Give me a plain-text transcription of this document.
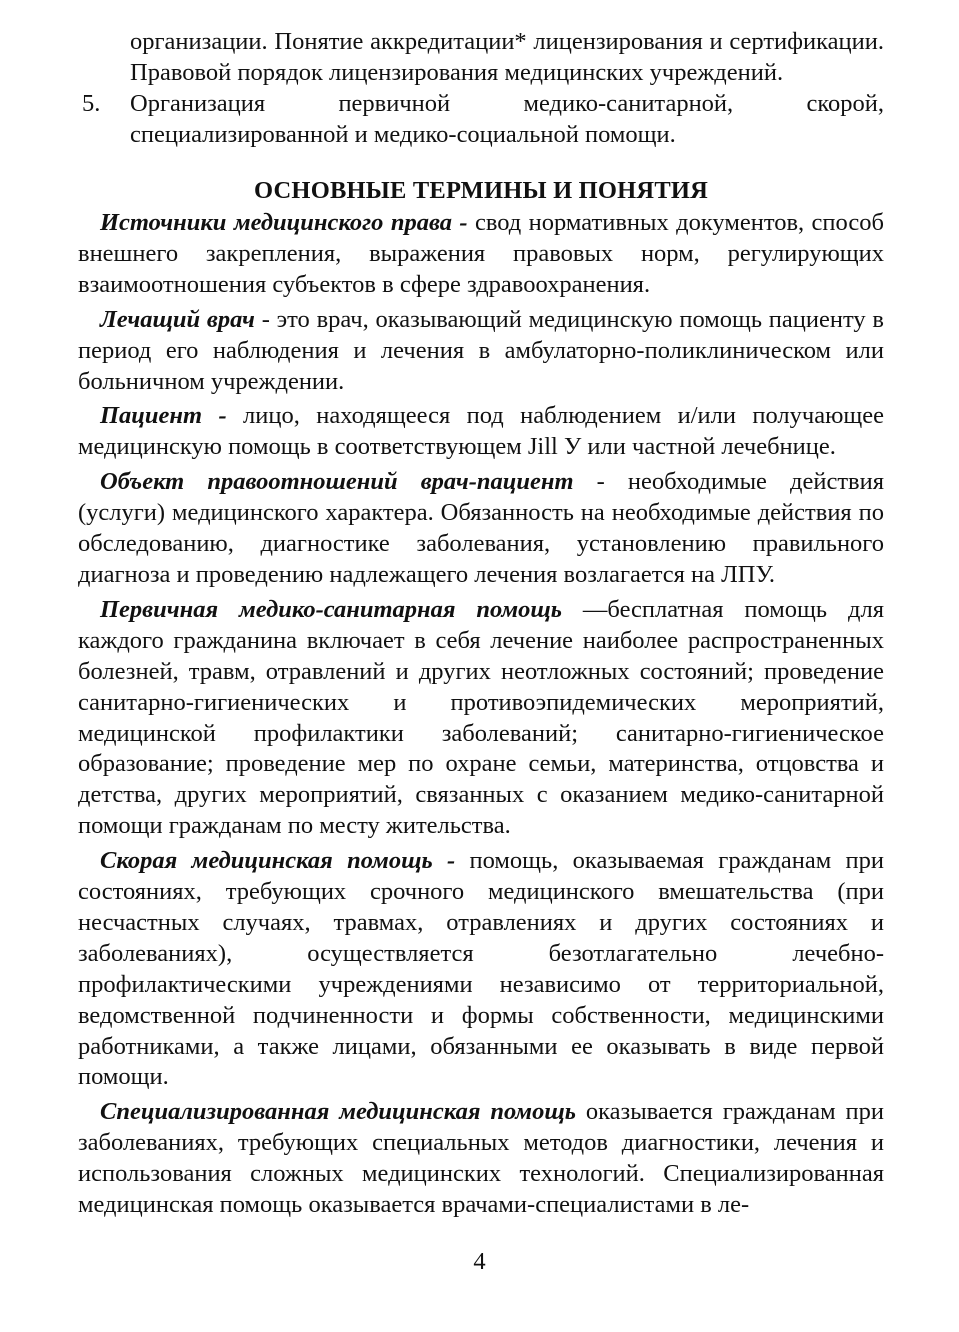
организации. Понятие аккредитации* лицензирования и сертификации. Правовой порядок лицензирования медицинских учреждений.
5.	Организация первичной медико-санитарной, скорой, специализированной и медико-социальной помощи.
ОСНОВНЫЕ ТЕРМИНЫ И ПОНЯТИЯ

Источники медицинского права - свод нормативных документов, способ внешнего закрепления, выражения правовых норм, регулирующих взаимоотношения субъектов в сфере здравоохранения.

Лечащий врач - это врач, оказывающий медицинскую помощь пациенту в период его наблюдения и лечения в амбулаторно-поликлиническом или больничном учреждении.

Пациент - лицо, находящееся под наблюдением и/или получающее медицинскую помощь в соответствующем Jill У или частной лечебнице.

Объект правоотношений врач-пациент - необходимые действия (услуги) медицинского характера. Обязанность на необходимые действия по обследованию, диагностике заболевания, установлению правильного диагноза и проведению надлежащего лечения возлагается на ЛПУ.

Первичная медико-санитарная помощь —бесплатная помощь для каждого гражданина включает в себя лечение наиболее распространенных болезней, травм, отравлений и других неотложных состояний; проведение санитарно-гигиенических и противоэпидемических мероприятий, медицинской профилактики заболеваний; санитарно-гигиеническое образование; проведение мер по охране семьи, материнства, отцовства и детства, других мероприятий, связанных с оказанием медико-санитарной помощи гражданам по месту жительства.

Скорая медицинская помощь - помощь, оказываемая гражданам при состояниях, требующих срочного медицинского вмешательства (при несчастных случаях, травмах, отравлениях и других состояниях и заболеваниях), осуществляется безотлагательно лечебно-профилактическими учреждениями независимо от территориальной, ведомственной подчиненности и формы собственности, медицинскими работниками, а также лицами, обязанными ее оказывать в виде первой помощи.

Специализированная медицинская помощь оказывается гражданам при заболеваниях, требующих специальных методов диагностики, лечения и использования сложных медицинских технологий. Специализированная медицинская помощь оказывается врачами-специалистами в ле-

4
